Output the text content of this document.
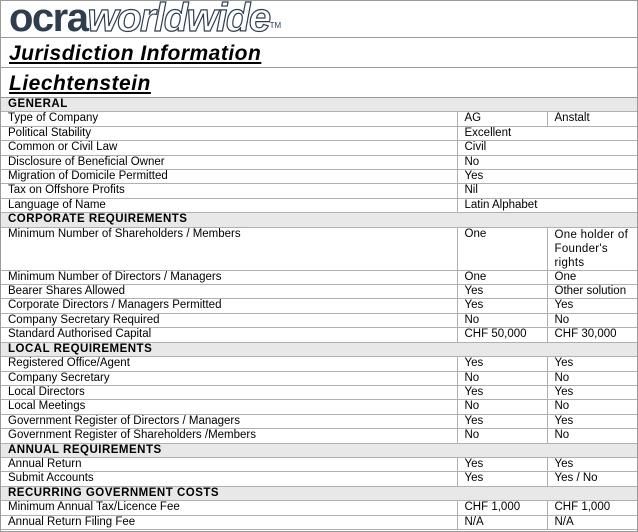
ocraworldwide™
Jurisdiction Information
Liechtenstein
GENERAL		
Type of Company	AG	Anstalt
Political Stability	Excellent	
Common or Civil Law	Civil	
Disclosure of Beneficial Owner	No	
Migration of Domicile Permitted	Yes	
Tax on Offshore Profits	Nil	
Language of Name	Latin Alphabet	
CORPORATE REQUIREMENTS		
Minimum Number of Shareholders / Members	One	One holder of Founder's rights
Minimum Number of Directors / Managers	One	One
Bearer Shares Allowed	Yes	Other solution
Corporate Directors / Managers Permitted	Yes	Yes
Company Secretary Required	No	No
Standard Authorised Capital	CHF 50,000	CHF 30,000
LOCAL REQUIREMENTS		
Registered Office/Agent	Yes	Yes
Company Secretary	No	No
Local Directors	Yes	Yes
Local Meetings	No	No
Government Register of Directors / Managers	Yes	Yes
Government Register of Shareholders /Members	No	No
ANNUAL REQUIREMENTS		
Annual Return	Yes	Yes
Submit Accounts	Yes	Yes / No
RECURRING GOVERNMENT COSTS		
Minimum Annual Tax/Licence Fee	CHF 1,000	CHF 1,000
Annual Return Filing Fee	N/A	N/A
